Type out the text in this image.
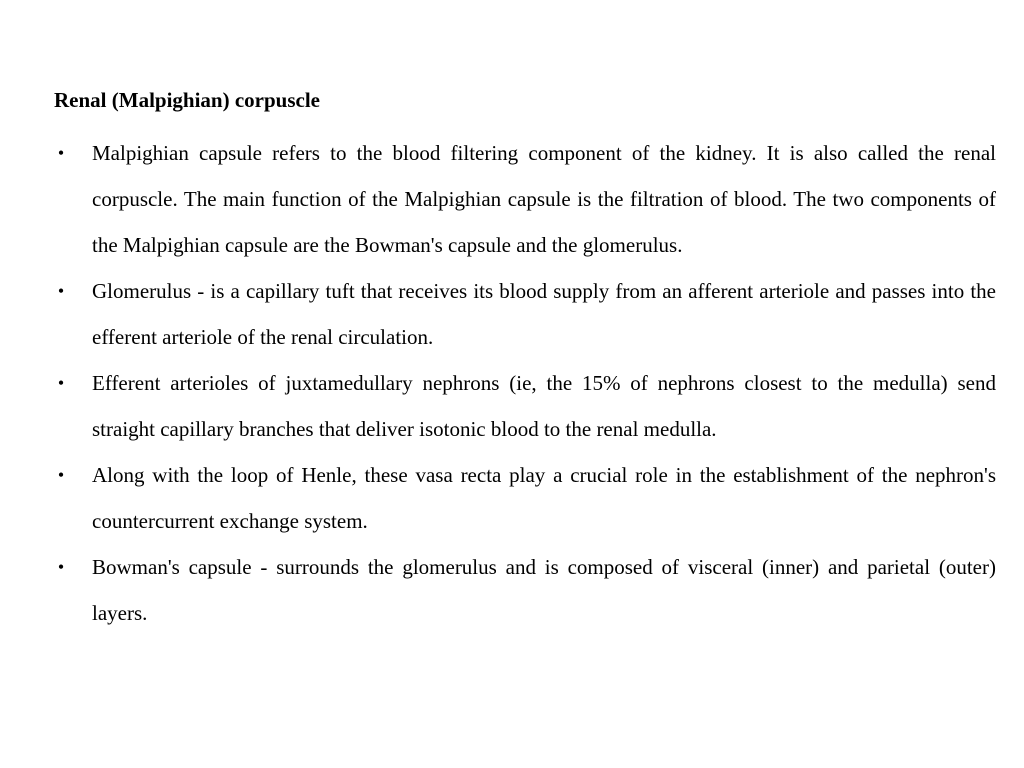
Renal (Malpighian) corpuscle
• Malpighian capsule refers to the blood filtering component of the kidney. It is also called the renal corpuscle. The main function of the Malpighian capsule is the filtration of blood. The two components of the Malpighian capsule are the Bowman's capsule and the glomerulus.
• Glomerulus - is a capillary tuft that receives its blood supply from an afferent arteriole and passes into the efferent arteriole of the renal circulation.
• Efferent arterioles of juxtamedullary nephrons (ie, the 15% of nephrons closest to the medulla) send straight capillary branches that deliver isotonic blood to the renal medulla.
• Along with the loop of Henle, these vasa recta play a crucial role in the establishment of the nephron's countercurrent exchange system.
• Bowman's capsule - surrounds the glomerulus and is composed of visceral (inner) and parietal (outer) layers.
